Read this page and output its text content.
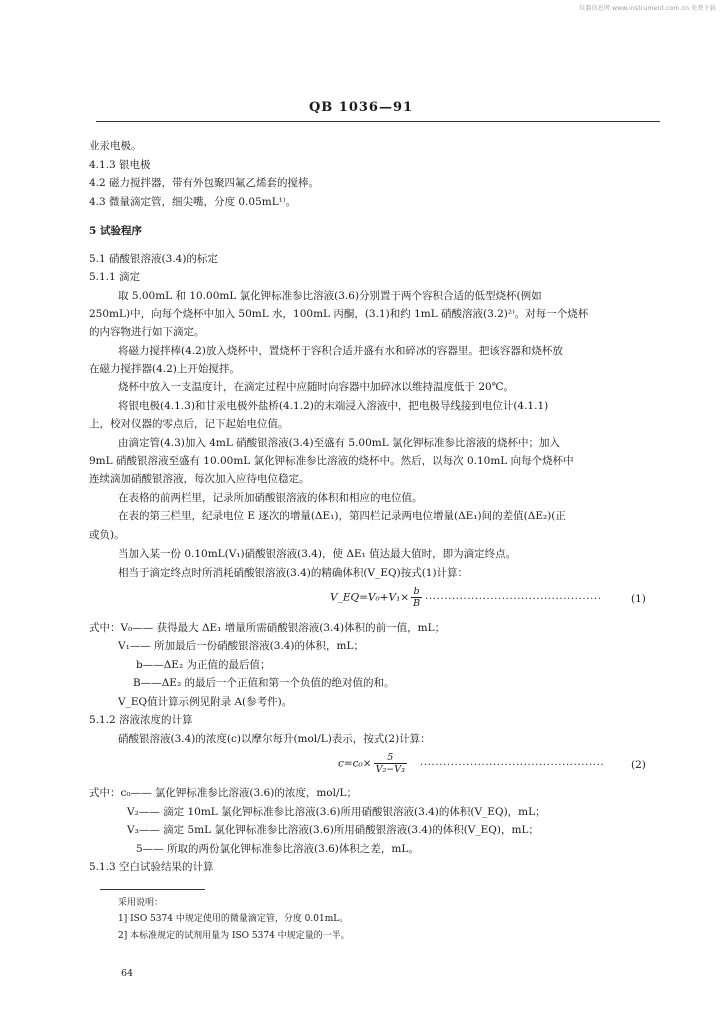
仪器信息网 www.instrument.com.cn 免费下载
QB 1036—91
业汞电极。
4.1.3 银电极
4.2 磁力搅拌器，带有外包聚四氟乙烯套的搅棒。
4.3 微量滴定管，细尖嘴，分度 0.05mL¹⁾。
5 试验程序
5.1 硝酸银溶液(3.4)的标定
5.1.1 滴定
取 5.00mL 和 10.00mL 氯化钾标准参比溶液(3.6)分别置于两个容积合适的低型烧杯(例如
250mL)中，向每个烧杯中加入 50mL 水，100mL 丙酮，(3.1)和约 1mL 硝酸溶液(3.2)²⁾。对每一个烧杯
的内容物进行如下滴定。
将磁力搅拌棒(4.2)放入烧杯中，置烧杯于容积合适并盛有水和碎冰的容器里。把该容器和烧杯放
在磁力搅拌器(4.2)上开始搅拌。
烧杯中放入一支温度计，在滴定过程中应随时向容器中加碎冰以维持温度低于 20℃。
将银电极(4.1.3)和甘汞电极外盐桥(4.1.2)的末端浸入溶液中，把电极导线接到电位计(4.1.1)
上，校对仪器的零点后，记下起始电位值。
由滴定管(4.3)加入 4mL 硝酸银溶液(3.4)至盛有 5.00mL 氯化钾标准参比溶液的烧杯中；加入
9mL 硝酸银溶液至盛有 10.00mL 氯化钾标准参比溶液的烧杯中。然后，以每次 0.10mL 向每个烧杯中
连续滴加硝酸银溶液，每次加入应待电位稳定。
在表格的前两栏里，记录所加硝酸银溶液的体积和相应的电位值。
在表的第三栏里，纪录电位 E 逐次的增量(ΔE₁)，第四栏记录两电位增量(ΔE₁)间的差值(ΔE₂)(正
或负)。
当加入某一份 0.10mL(V₁)硝酸银溶液(3.4)，使 ΔE₁ 值达最大值时，即为滴定终点。
相当于滴定终点时所消耗硝酸银溶液(3.4)的精确体积(V_EQ)按式(1)计算：
式中：V₀—— 获得最大 ΔE₁ 增量所需硝酸银溶液(3.4)体积的前一值，mL；
V₁—— 所加最后一份硝酸银溶液(3.4)的体积，mL；
b——ΔE₂ 为正值的最后值；
B——ΔE₂ 的最后一个正值和第一个负值的绝对值的和。
V_EQ值计算示例见附录 A(参考件)。
5.1.2 溶液浓度的计算
硝酸银溶液(3.4)的浓度(c)以摩尔每升(mol/L)表示，按式(2)计算：
式中：c₀—— 氯化钾标准参比溶液(3.6)的浓度，mol/L；
V₂—— 滴定 10mL 氯化钾标准参比溶液(3.6)所用硝酸银溶液(3.4)的体积(V_EQ)，mL；
V₃—— 滴定 5mL 氯化钾标准参比溶液(3.6)所用硝酸银溶液(3.4)的体积(V_EQ)，mL；
5—— 所取的两份氯化钾标准参比溶液(3.6)体积之差，mL。
5.1.3 空白试验结果的计算
V_EQ=V₀+V₁× $\frac{b}{B}$ ··············································	(1)
$c=c_0\times \frac{5}{\text{V₂−V₃}}$ ················································	(2)
采用说明：
1] ISO 5374 中规定使用的微量滴定管，分度 0.01mL。
2] 本标准规定的试剂用量为 ISO 5374 中规定量的一半。
64
